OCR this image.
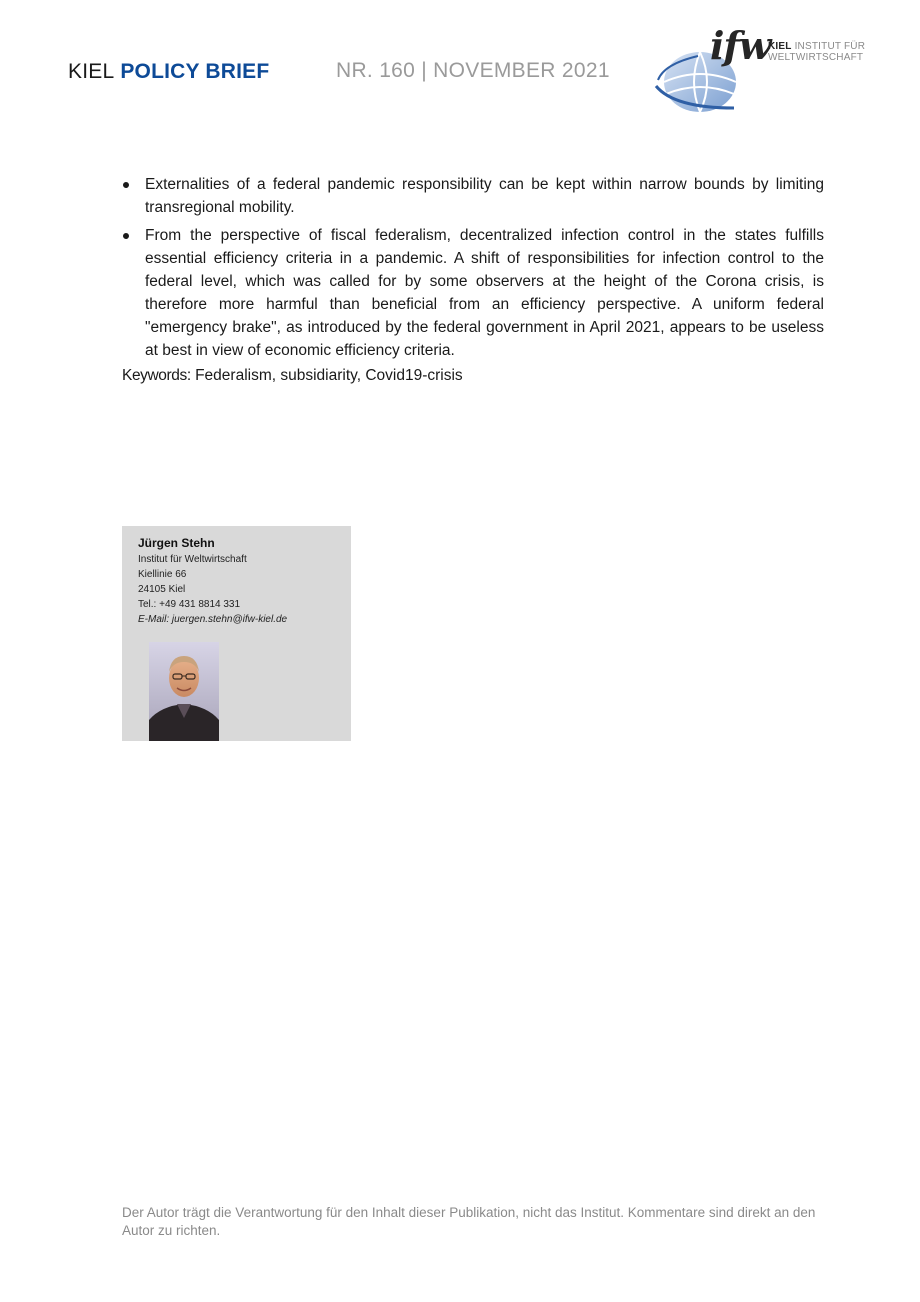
KIEL POLICY BRIEF	NR. 160 | NOVEMBER 2021
ifw
KIEL INSTITUT FÜR
WELTWIRTSCHAFT
Externalities of a federal pandemic responsibility can be kept within narrow bounds by limiting transregional mobility.
From the perspective of fiscal federalism, decentralized infection control in the states fulfills essential efficiency criteria in a pandemic. A shift of responsibilities for infection control to the federal level, which was called for by some observers at the height of the Corona crisis, is therefore more harmful than beneficial from an efficiency perspective. A uniform federal "emergency brake", as introduced by the federal government in April 2021, appears to be useless at best in view of economic efficiency criteria.
Keywords: Federalism, subsidiarity, Covid19-crisis
Jürgen Stehn
Institut für Weltwirtschaft
Kiellinie 66
24105 Kiel
Tel.: +49 431 8814 331
E-Mail: juergen.stehn@ifw-kiel.de
Der Autor trägt die Verantwortung für den Inhalt dieser Publikation, nicht das Institut. Kommentare sind direkt an den Autor zu richten.
